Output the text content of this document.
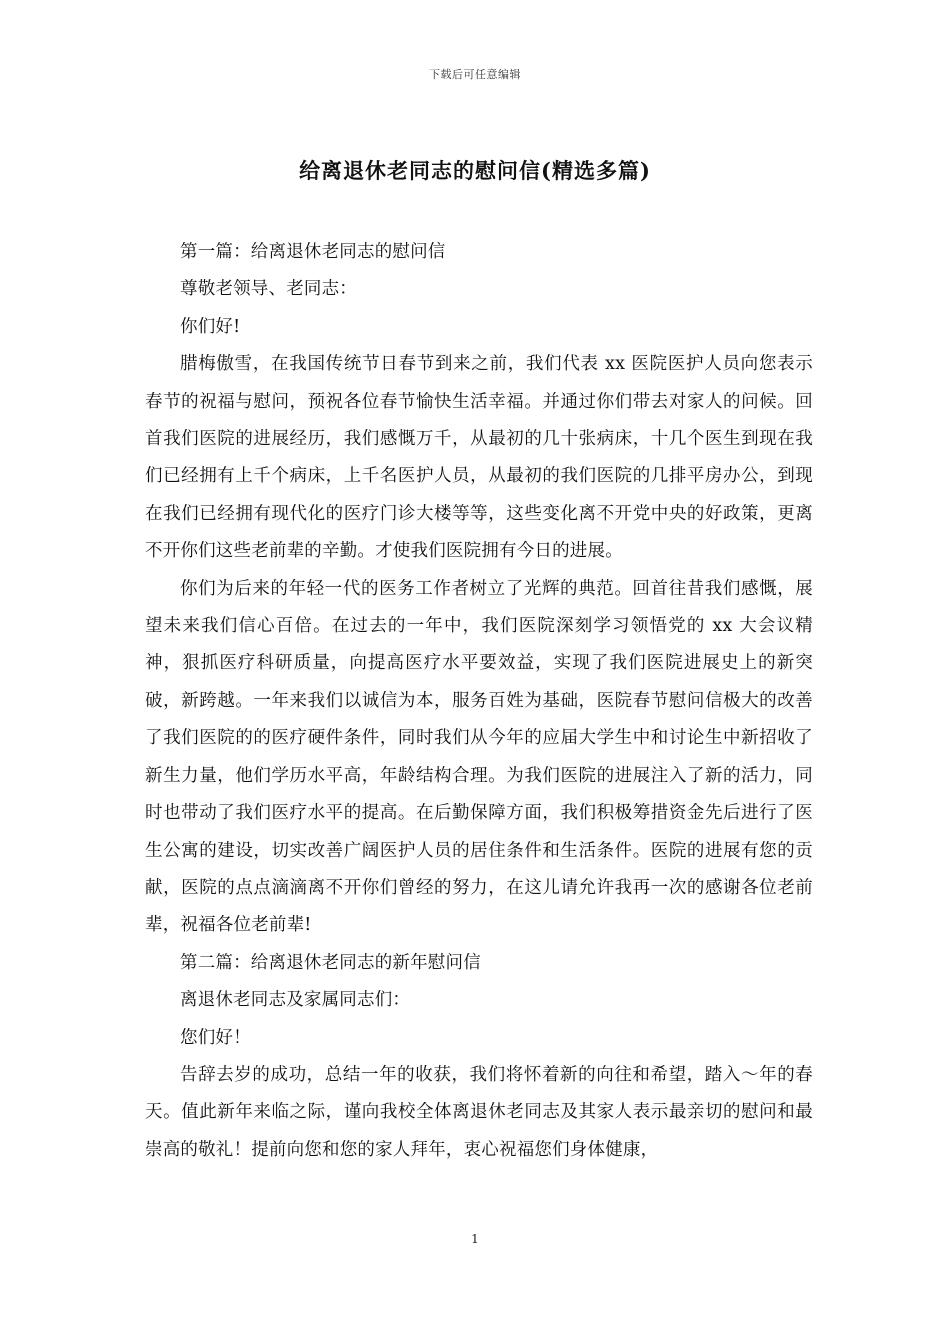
下载后可任意编辑
给离退休老同志的慰问信(精选多篇)

第一篇：给离退休老同志的慰问信

尊敬老领导、老同志：

你们好!

腊梅傲雪，在我国传统节日春节到来之前，我们代表 xx 医院医护人员向您表示春节的祝福与慰问，预祝各位春节愉快生活幸福。并通过你们带去对家人的问候。回首我们医院的进展经历，我们感慨万千，从最初的几十张病床，十几个医生到现在我们已经拥有上千个病床，上千名医护人员，从最初的我们医院的几排平房办公，到现在我们已经拥有现代化的医疗门诊大楼等等，这些变化离不开党中央的好政策，更离不开你们这些老前辈的辛勤。才使我们医院拥有今日的进展。

你们为后来的年轻一代的医务工作者树立了光辉的典范。回首往昔我们感慨，展望未来我们信心百倍。在过去的一年中，我们医院深刻学习领悟党的 xx 大会议精神，狠抓医疗科研质量，向提高医疗水平要效益，实现了我们医院进展史上的新突破，新跨越。一年来我们以诚信为本，服务百姓为基础，医院春节慰问信极大的改善了我们医院的的医疗硬件条件，同时我们从今年的应届大学生中和讨论生中新招收了新生力量，他们学历水平高，年龄结构合理。为我们医院的进展注入了新的活力，同时也带动了我们医疗水平的提高。在后勤保障方面，我们积极筹措资金先后进行了医生公寓的建设，切实改善广阔医护人员的居住条件和生活条件。医院的进展有您的贡献，医院的点点滴滴离不开你们曾经的努力，在这儿请允许我再一次的感谢各位老前辈，祝福各位老前辈!

第二篇：给离退休老同志的新年慰问信

离退休老同志及家属同志们：

您们好！

告辞去岁的成功，总结一年的收获，我们将怀着新的向往和希望，踏入～年的春天。值此新年来临之际，谨向我校全体离退休老同志及其家人表示最亲切的慰问和最崇高的敬礼！提前向您和您的家人拜年，衷心祝福您们身体健康，

1
